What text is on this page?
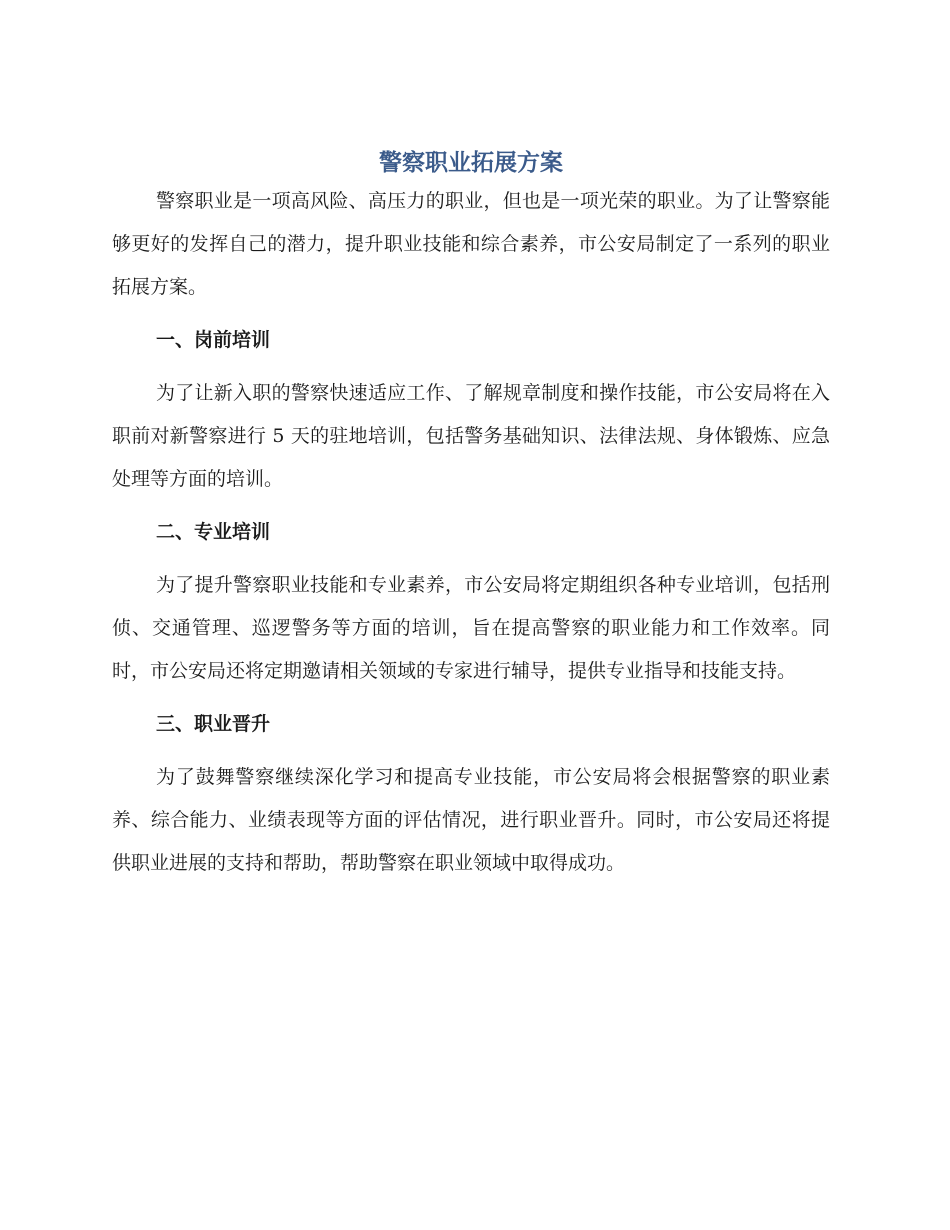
警察职业拓展方案

警察职业是一项高风险、高压力的职业，但也是一项光荣的职业。为了让警察能够更好的发挥自己的潜力，提升职业技能和综合素养，市公安局制定了一系列的职业拓展方案。

一、岗前培训

为了让新入职的警察快速适应工作、了解规章制度和操作技能，市公安局将在入职前对新警察进行 5 天的驻地培训，包括警务基础知识、法律法规、身体锻炼、应急处理等方面的培训。

二、专业培训

为了提升警察职业技能和专业素养，市公安局将定期组织各种专业培训，包括刑侦、交通管理、巡逻警务等方面的培训，旨在提高警察的职业能力和工作效率。同时，市公安局还将定期邀请相关领域的专家进行辅导，提供专业指导和技能支持。

三、职业晋升

为了鼓舞警察继续深化学习和提高专业技能，市公安局将会根据警察的职业素养、综合能力、业绩表现等方面的评估情况，进行职业晋升。同时，市公安局还将提供职业进展的支持和帮助，帮助警察在职业领域中取得成功。
